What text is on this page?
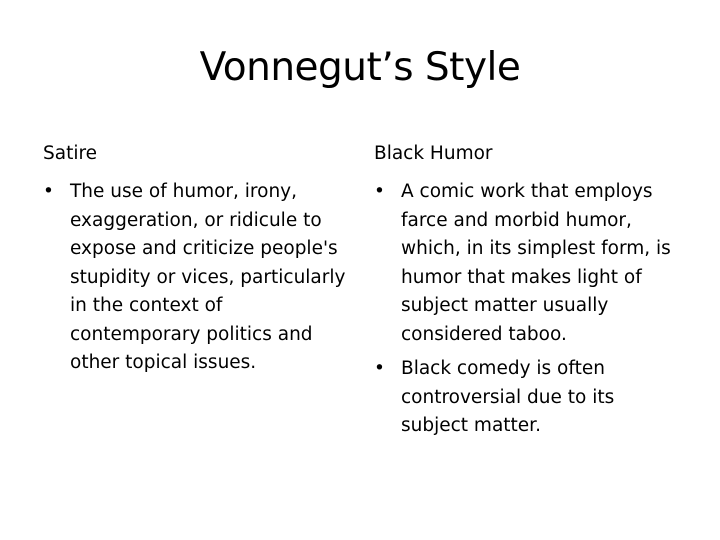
Vonnegut’s Style
Satire
• The use of humor, irony, exaggeration, or ridicule to expose and criticize people's stupidity or vices, particularly in the context of contemporary politics and other topical issues.
Black Humor
• A comic work that employs farce and morbid humor, which, in its simplest form, is humor that makes light of subject matter usually considered taboo.
• Black comedy is often controversial due to its subject matter.
